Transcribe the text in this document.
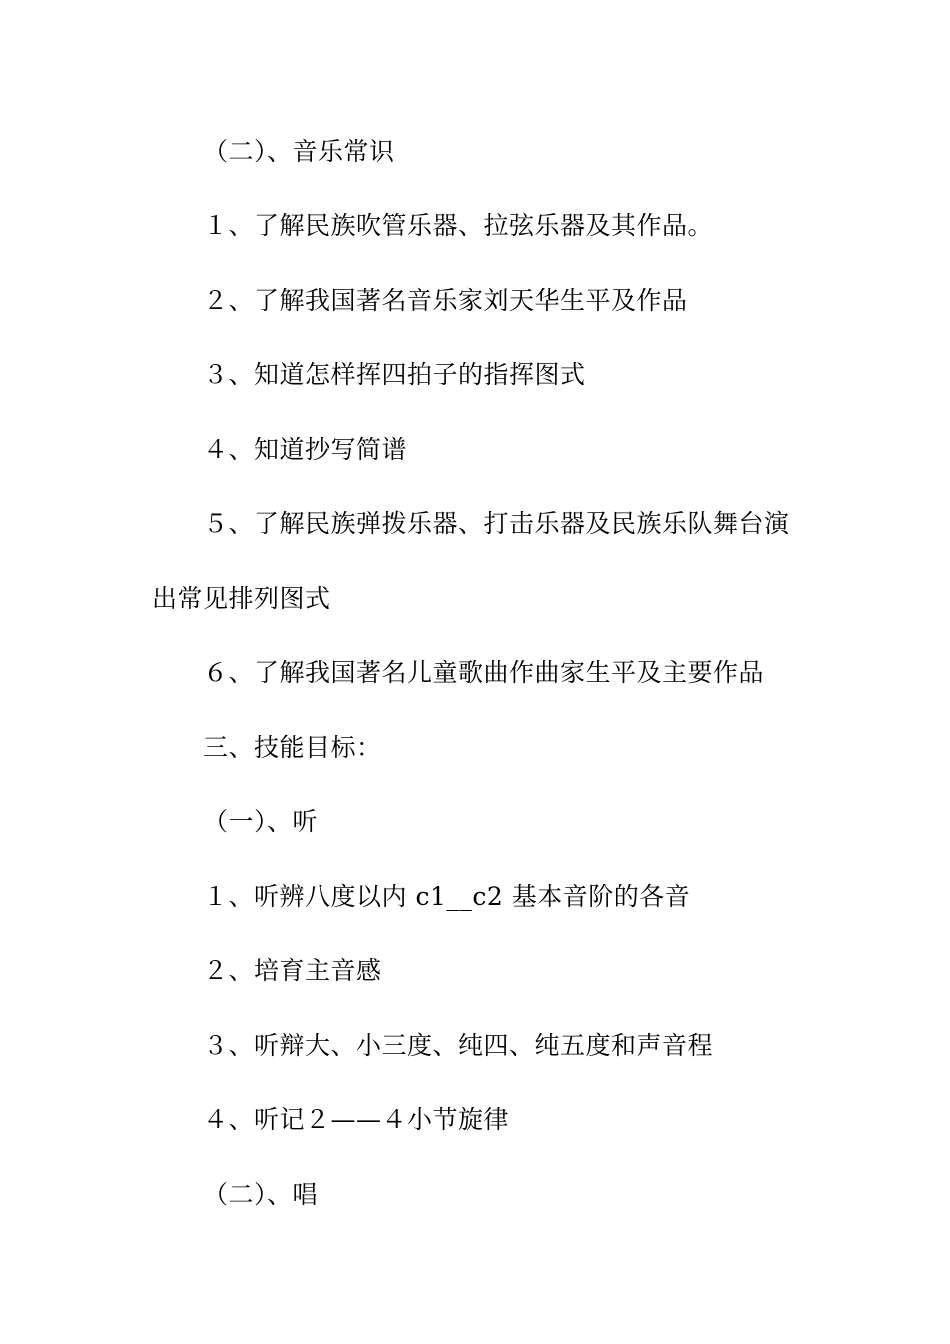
（二）、音乐常识
１、了解民族吹管乐器、拉弦乐器及其作品。
２、了解我国著名音乐家刘天华生平及作品
３、知道怎样挥四拍子的指挥图式
４、知道抄写简谱
５、了解民族弹拨乐器、打击乐器及民族乐队舞台演
出常见排列图式
６、了解我国著名儿童歌曲作曲家生平及主要作品
三、技能目标：
（一）、听
１、听辨八度以内 c1__c2 基本音阶的各音
２、培育主音感
３、听辩大、小三度、纯四、纯五度和声音程
４、听记２——４小节旋律
（二）、唱
